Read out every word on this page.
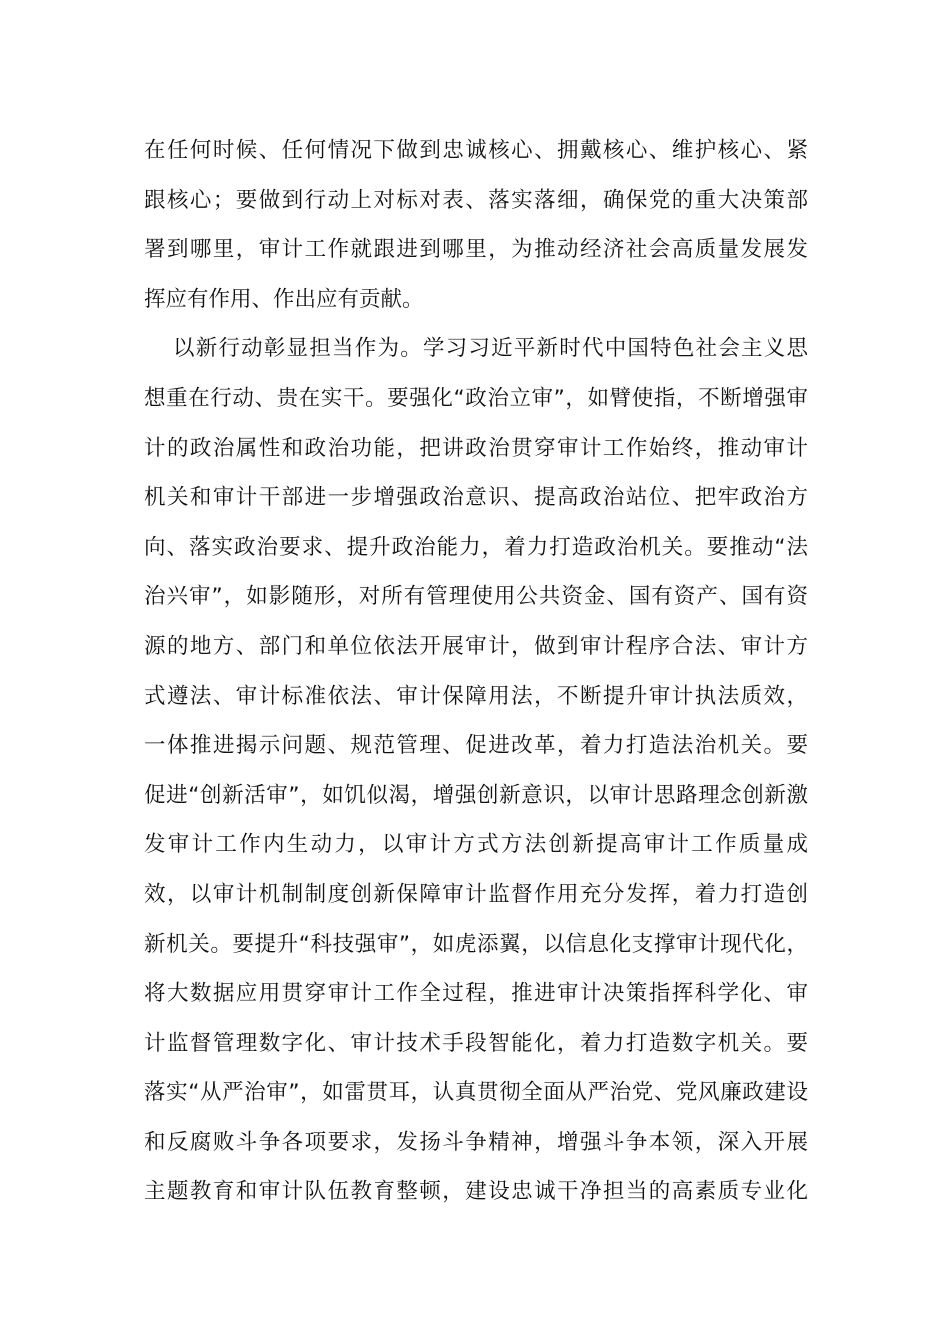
在任何时候、任何情况下做到忠诚核心、拥戴核心、维护核心、紧
跟核心；要做到行动上对标对表、落实落细，确保党的重大决策部
署到哪里，审计工作就跟进到哪里，为推动经济社会高质量发展发
挥应有作用、作出应有贡献。
以新行动彰显担当作为。学习习近平新时代中国特色社会主义思
想重在行动、贵在实干。要强化“政治立审”，如臂使指，不断增强审
计的政治属性和政治功能，把讲政治贯穿审计工作始终，推动审计
机关和审计干部进一步增强政治意识、提高政治站位、把牢政治方
向、落实政治要求、提升政治能力，着力打造政治机关。要推动“法
治兴审”，如影随形，对所有管理使用公共资金、国有资产、国有资
源的地方、部门和单位依法开展审计，做到审计程序合法、审计方
式遵法、审计标准依法、审计保障用法，不断提升审计执法质效，
一体推进揭示问题、规范管理、促进改革，着力打造法治机关。要
促进“创新活审”，如饥似渴，增强创新意识，以审计思路理念创新激
发审计工作内生动力，以审计方式方法创新提高审计工作质量成
效，以审计机制制度创新保障审计监督作用充分发挥，着力打造创
新机关。要提升“科技强审”，如虎添翼，以信息化支撑审计现代化，
将大数据应用贯穿审计工作全过程，推进审计决策指挥科学化、审
计监督管理数字化、审计技术手段智能化，着力打造数字机关。要
落实“从严治审”，如雷贯耳，认真贯彻全面从严治党、党风廉政建设
和反腐败斗争各项要求，发扬斗争精神，增强斗争本领，深入开展
主题教育和审计队伍教育整顿，建设忠诚干净担当的高素质专业化
